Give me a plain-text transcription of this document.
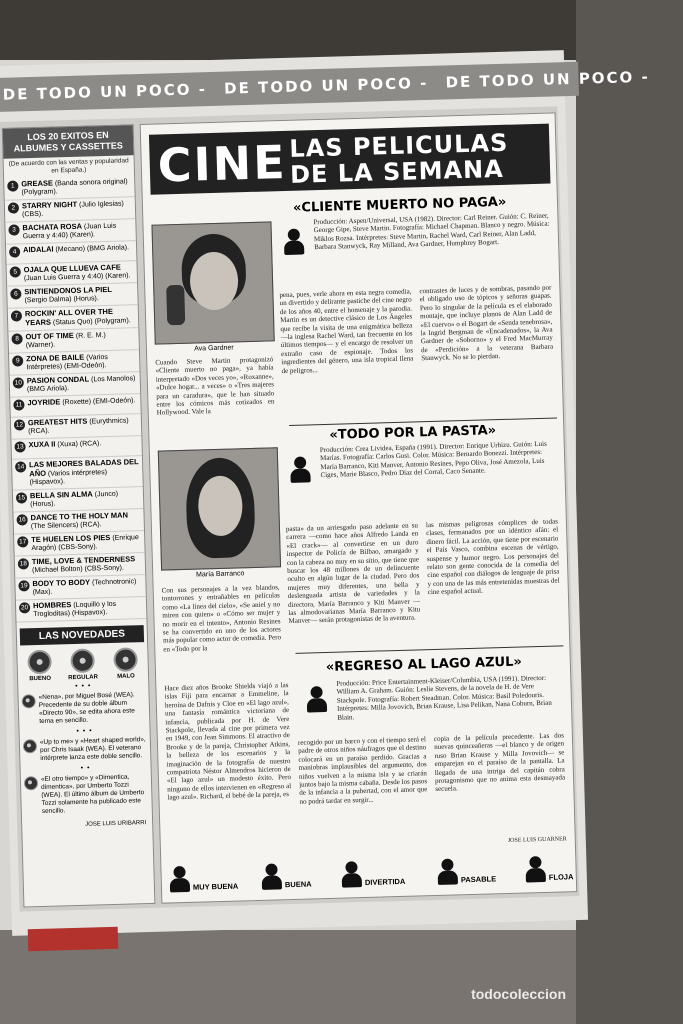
DE TODO UN POCO - DE TODO UN POCO - DE TODO UN POCO -
LOS 20 EXITOS EN ALBUMES Y CASSETTES
(De acuerdo con las ventas y popularidad en España.)
1 GREASE (Banda sonora original) (Polygram).
2 STARRY NIGHT (Julio Iglesias) (CBS).
3 BACHATA ROSA (Juan Luis Guerra y 4:40) (Karen).
4 AIDALAI (Mecano) (BMG Ariola).
5 OJALA QUE LLUEVA CAFE (Juan Luis Guerra y 4:40) (Karen).
6 SINTIENDONOS LA PIEL (Sergio Dalma) (Horus).
7 ROCKIN' ALL OVER THE YEARS (Status Quo) (Polygram).
8 OUT OF TIME (R. E. M.) (Warner).
9 ZONA DE BAILE (Varios Intérpretes) (EMI-Odeón).
10 PASION CONDAL (Los Manolos) (BMG Ariola).
11 JOYRIDE (Roxette) (EMI-Odeón).
12 GREATEST HITS (Eurythmics) (RCA).
13 XUXA II (Xuxa) (RCA).
14 LAS MEJORES BALADAS DEL AÑO (Varios intérpretes) (Hispavox).
15 BELLA SIN ALMA (Junco) (Horus).
16 DANCE TO THE HOLY MAN (The Silencers) (RCA).
17 TE HUELEN LOS PIES (Enrique Aragón) (CBS-Sony).
18 TIME, LOVE & TENDERNESS (Michael Bolton) (CBS-Sony).
19 BODY TO BODY (Technotronic) (Max).
20 HOMBRES (Loquillo y los Trogloditas) (Hispavox).
LAS NOVEDADES
BUENO	REGULAR	MALO
• • •
«Nena», por Miguel Bosé (WEA). Precedente de su doble álbum «Directo 90», se edita ahora este tema en sencillo.
• • •
«Up to me» y «Heart shaped world», por Chris Isaak (WEA). El veterano intérprete lanza este doble sencillo.
• •
«El otro tiempo» y «Dimentica, dimentica», por Umberto Tozzi (WEA). El último álbum de Umberto Tozzi solamente ha publicado este sencillo.
JOSE LUIS URIBARRI
CINE LAS PELICULAS
DE LA SEMANA
«CLIENTE MUERTO NO PAGA»
Ava Gardner
Producción: Aspen/Universal, USA (1982). Director: Carl Reiner. Guión: C. Reiner, George Gipe, Steve Martin. Fotografía: Michael Chapman. Blanco y negro. Música: Miklos Rozsa. Intérpretes: Steve Martin, Rachel Ward, Carl Reiner, Alan Ladd, Barbara Stanwyck, Ray Milland, Ava Gardner, Humphrey Bogart.
Cuando Steve Martin protagonizó «Cliente muerto no paga», ya había interpretado «Dos veces yo», «Roxanne», «Dulce hogar... a veces» o «Tres majeres para un caradura», que le han situado entre los cómicos más cotizados en Hollywood. Vale la
pena, pues, verle ahora en esta negra comedia, un divertido y delirante pastiche del cine negro de los años 40, entre el homenaje y la parodia. Martin es un detective clásico de Los Ángeles que recibe la visita de una enigmática belleza —la inglesa Rachel Ward, tan frecuente en los últimos tiempos— y el encargo de resolver un extraño caso de espionaje. Todos los ingredientes del género, una isla tropical llena de peligros...
contrastes de luces y de sombras, pasando por el obligado uso de tópicos y señoras guapas. Pero lo singular de la película es el elaborado montaje, que incluye planos de Alan Ladd de «El cuervo» o el Bogart de «Senda tenebrosa», la Ingrid Bergman de «Encadenados», la Ava Gardner de «Soborno» y el Fred MacMurray de «Perdición» a la veterana Barbara Stanwyck. No se lo pierdan.
«TODO POR LA PASTA»
María Barranco
Producción: Crea Lividea, España (1991). Director: Enrique Urbizu. Guión: Luis Marías. Fotografía: Carlos Gusi. Color. Música: Bernardo Bonezzi. Intérpretes: María Barranco, Kiti Manver, Antonio Resines, Pepo Oliva, José Amezola, Luis Ciges, Marie Blasco, Pedro Díaz del Corral, Caco Senante.
Con sus personajes a la vez blandos, tontorrones y entrañables en películas como «La línea del cielo», «Se aniel y no miren con quien» o «Cómo ser mujer y no morir en el intento», Antonio Resines se ha convertido en uno de los actores más popular como actor de comedia. Pero en «Todo por la
pasta» da un arriesgado paso adelante en su carrera —como hace años Alfredo Landa en «El crack»— al convertirse en un duro inspector de Policía de Bilbao, amargado y con la cabeza no muy en su sitio, que tiene que buscar los 48 millones de un delincuente oculto en algún lugar de la ciudad. Pero dos mujeres muy diferentes, una bella y deslenguada artista de variedades y la directora, María Barranco y Kiti Manver — las almodovarianas María Barranco y Kitu Manver— serán protagonistas de la aventura.
las mismas peligrosas cómplices de todas clases, fermanados por un idéntico afán: el dinero fácil. La acción, que tiene por escenario el País Vasco, combina escenas de vértigo, suspense y humor negro. Los personajes del relato son gente conocida de la comedia del cine español con diálogos de lenguaje de prisa y con una de las más entretenidas muestras del cine español actual.
«REGRESO AL LAGO AZUL»
Producción: Price Entertainment-Kleiser/Columbia, USA (1991). Director: William A. Graham. Guión: Leslie Stevens, de la novela de H. de Vere Stackpole. Fotografía: Robert Steadman. Color. Música: Basil Poledouris. Intérpretes: Milla Jovovich, Brian Krause, Lisa Pelikan, Nana Coburn, Brian Blain.
Hace diez años Brooke Shields viajó a las islas Fiji para encarnar a Emmeline, la heroína de Dafnis y Cloe en «El lago azul», una fantasía romántica victoriana de infancia, publicada por H. de Vere Stackpole, llevada al cine por primera vez en 1949, con Jean Simmons. El atractivo de Brooke y de la pareja, Christopher Atkins, la belleza de los escenarios y la imaginación de la fotografía de nuestro compatriota Néstor Almendros hicieron de «El lago azul» un modesto éxito. Pero ninguno de ellos intervienen en «Regreso al lago azul». Richard, el bebé de la pareja, es
recogido por un barco y con el tiempo será el padre de otros niños náufragos que el destino colocará en un paraíso perdido. Gracias a maniobras implausibles del argumento, dos niños vuelven a la misma isla y se criarán juntos bajo la misma cabaña. Desde los pasos de la infancia a la pubertad, con el amor que no podrá tardar en surgir...
copia de la película precedente. Las dos nuevas quinceañeras —el blanco y de origen ruso Brian Krause y Milla Jovovich— se emparejan en el paraíso de la pantalla. La llegada de una intriga del capitán cobra protagonismo que no anima esta desmayada secuela.
JOSE LUIS GUARNER
MUY BUENA	BUENA	DIVERTIDA	PASABLE	FLOJA
todocoleccion
